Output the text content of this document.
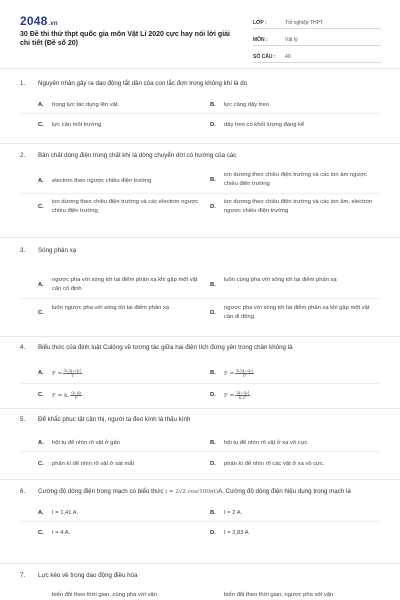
2048.vn
30 Đề thi thử thpt quốc gia môn Vật Lí 2020 cực hay nói lời giải chi tiết (Đề số 20)
LỚP :	Tốt nghiệp THPT
MÔN :	Vật lý
SỐ CÂU :	40
1.	Nguyên nhân gây ra dao động tắt dần của con lắc đơn trong không khí là do
A.	trọng lực tác dụng lên vật.	B.	lực căng dây treo
C.	lực cản môi trường	D.	dây treo có khối lượng đáng kể
2.	Bản chất dòng điện trong chất khí là dòng chuyển dời có hướng của các
A.	electron theo ngược chiều điện trường	B.
ion dương theo chiều điện trường và các ion âm ngược chiều điện trường
C.
ion dương theo chiều điện trường và các electron ngược chiều điện trường
D.
ion dương theo chiều điện trường và các ion âm, electron ngược chiều điện trường
3.	Sóng phản xạ
A.
ngược pha với sóng tới tại điểm phản xạ khi gặp một vật cản cố định
B.
luôn cùng pha với sóng tới tại điểm phản xạ
C.
luôn ngược pha với sóng tới tại điểm phản xạ
D.
ngược pha với sóng tới tại điểm phản xạ khi gặp một vật cản di động.
4.	Biểu thức của định luật Culông về tương tác giữa hai điện tích đứng yên trong chân không là
A.	$F = \frac{\text{k.|q₁.q₂|}}{r}$	B.	$F = \frac{\text{k.|q₁.q₂|}}{\text{r²}}$
C.	F = k. $\frac{\text{q₁.q₂}}{\text{r²}}$	D.	$F = \frac{\text{|q₁.q₂|}}{\text{k.r²}}$
5.	Để khắc phục tật cận thị, người ta đeo kính là thấu kính
A.	hội tụ để nhìn rõ vật ở gần	B.	hội tụ để nhìn rõ vật ở xa vô cực
C.	phân kì để nhìn rõ vật ở sát mắt	D.	phân kì để nhìn rõ các vật ở xa vô cực.
6.	Cường độ dòng điện trong mạch có biểu thức i = 2√2 cos(100πt)A. Cường độ dòng điện hiệu dụng trong mạch là
A.	I = 1,41 A.	B.	I = 2 A.
C.	I = 4 A.	D.	I = 2,83 A
7.	Lực kéo về trong dao động điều hòa
biến đổi theo thời gian, cùng pha với vận	biến đổi theo thời gian, ngược pha với vận
